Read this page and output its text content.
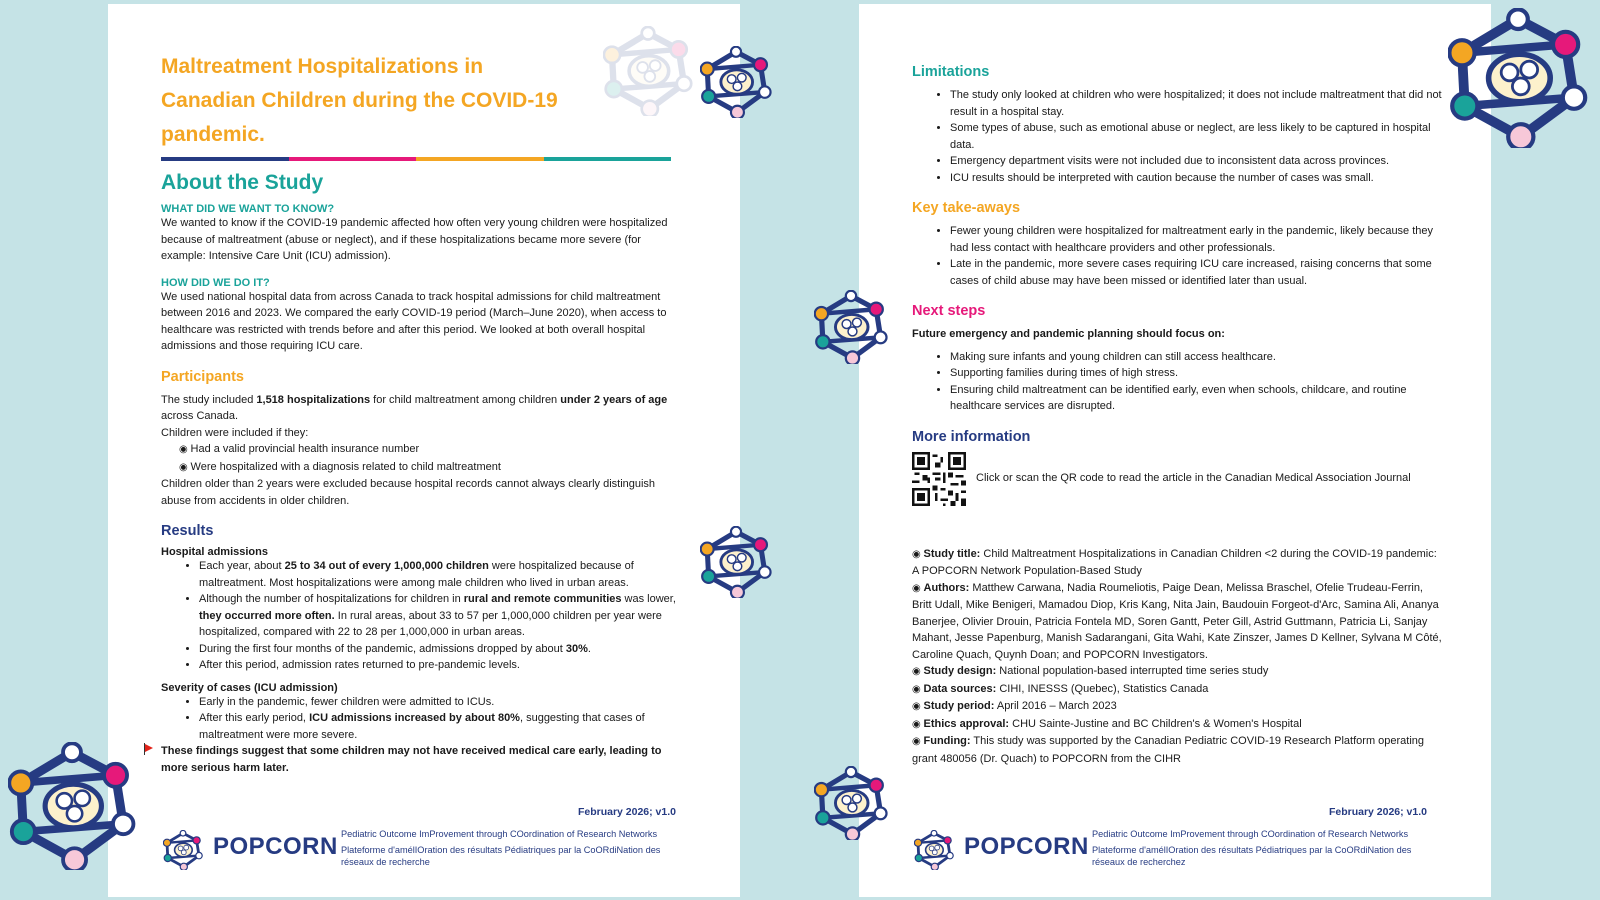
Maltreatment Hospitalizations in
Canadian Children during the COVID-19
pandemic.
About the Study
WHAT DID WE WANT TO KNOW?

We wanted to know if the COVID-19 pandemic affected how often very young children were hospitalized because of maltreatment (abuse or neglect), and if these hospitalizations became more severe (for example: Intensive Care Unit (ICU) admission).

HOW DID WE DO IT?

We used national hospital data from across Canada to track hospital admissions for child maltreatment between 2016 and 2023. We compared the early COVID-19 period (March–June 2020), when access to healthcare was restricted with trends before and after this period. We looked at both overall hospital admissions and those requiring ICU care.

Participants

The study included 1,518 hospitalizations for child maltreatment among children under 2 years of age across Canada.

Children were included if they:

◉ Had a valid provincial health insurance number

◉ Were hospitalized with a diagnosis related to child maltreatment

Children older than 2 years were excluded because hospital records cannot always clearly distinguish abuse from accidents in older children.

Results
Hospital admissions
• Each year, about 25 to 34 out of every 1,000,000 children were hospitalized because of maltreatment. Most hospitalizations were among male children who lived in urban areas.
• Although the number of hospitalizations for children in rural and remote communities was lower, they occurred more often. In rural areas, about 33 to 57 per 1,000,000 children per year were hospitalized, compared with 22 to 28 per 1,000,000 in urban areas.
• During the first four months of the pandemic, admissions dropped by about 30%.
• After this period, admission rates returned to pre-pandemic levels.
Severity of cases (ICU admission)
• Early in the pandemic, fewer children were admitted to ICUs.
• After this early period, ICU admissions increased by about 80%, suggesting that cases of maltreatment were more severe.

These findings suggest that some children may not have received medical care early, leading to more serious harm later.

February 2026; v1.0
POPCORN Pediatric Outcome ImProvement through COordination of Research Networks
Plateforme d'amélIOration des résultats Pédiatriques par la CoORdiNation des réseaux de recherche
Limitations
• The study only looked at children who were hospitalized; it does not include maltreatment that did not result in a hospital stay.
• Some types of abuse, such as emotional abuse or neglect, are less likely to be captured in hospital data.
• Emergency department visits were not included due to inconsistent data across provinces.
• ICU results should be interpreted with caution because the number of cases was small.
Key take-aways
• Fewer young children were hospitalized for maltreatment early in the pandemic, likely because they had less contact with healthcare providers and other professionals.
• Late in the pandemic, more severe cases requiring ICU care increased, raising concerns that some cases of child abuse may have been missed or identified later than usual.
Next steps

Future emergency and pandemic planning should focus on:

• Making sure infants and young children can still access healthcare.
• Supporting families during times of high stress.
• Ensuring child maltreatment can be identified early, even when schools, childcare, and routine healthcare services are disrupted.
More information

Click or scan the QR code to read the article in the Canadian Medical Association Journal

◉ Study title: Child Maltreatment Hospitalizations in Canadian Children <2 during the COVID-19 pandemic: A POPCORN Network Population-Based Study

◉ Authors: Matthew Carwana, Nadia Roumeliotis, Paige Dean, Melissa Braschel, Ofelie Trudeau-Ferrin, Britt Udall, Mike Benigeri, Mamadou Diop, Kris Kang, Nita Jain, Baudouin Forgeot-d'Arc, Samina Ali, Ananya Banerjee, Olivier Drouin, Patricia Fontela MD, Soren Gantt, Peter Gill, Astrid Guttmann, Patricia Li, Sanjay Mahant, Jesse Papenburg, Manish Sadarangani, Gita Wahi, Kate Zinszer, James D Kellner, Sylvana M Côté, Caroline Quach, Quynh Doan; and POPCORN Investigators.

◉ Study design: National population-based interrupted time series study

◉ Data sources: CIHI, INESSS (Quebec), Statistics Canada

◉ Study period: April 2016 – March 2023

◉ Ethics approval: CHU Sainte-Justine and BC Children's & Women's Hospital

◉ Funding: This study was supported by the Canadian Pediatric COVID-19 Research Platform operating grant 480056 (Dr. Quach) to POPCORN from the CIHR

February 2026; v1.0
POPCORN Pediatric Outcome ImProvement through COordination of Research Networks
Plateforme d'amélIOration des résultats Pédiatriques par la CoORdiNation des réseaux de recherchez
